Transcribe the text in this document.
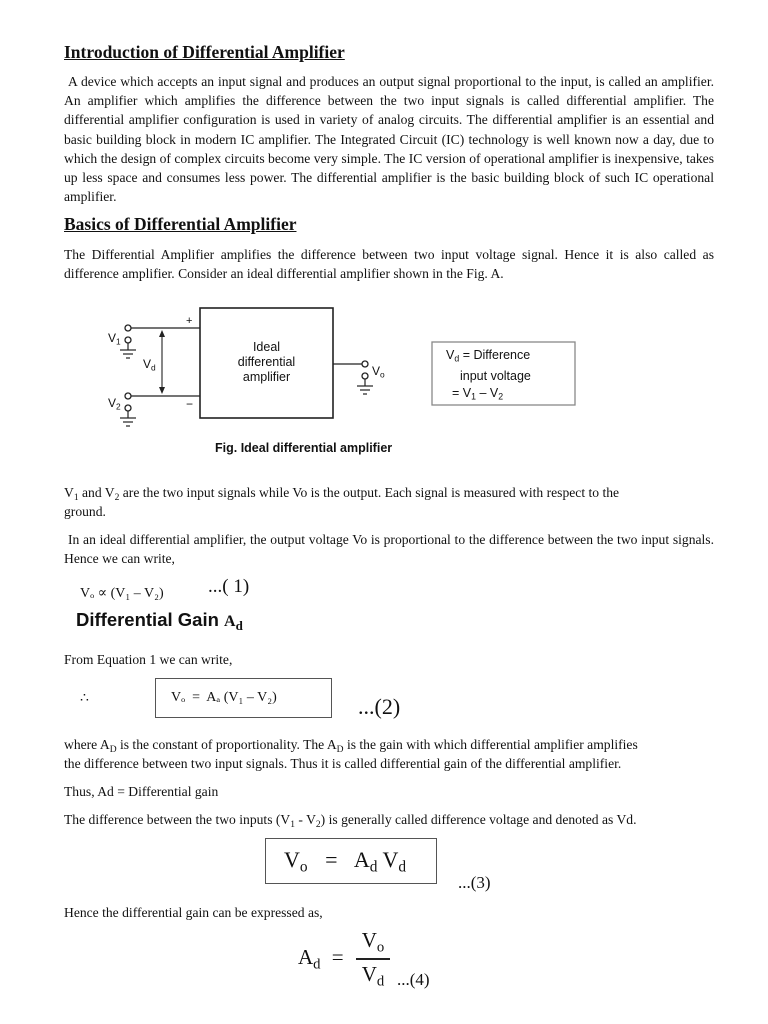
Introduction of Differential Amplifier
A device which accepts an input signal and produces an output signal proportional to the input, is called an amplifier. An amplifier which amplifies the difference between the two input signals is called differential amplifier. The differential amplifier configuration is used in variety of analog circuits. The differential amplifier is an essential and basic building block in modern IC amplifier. The Integrated Circuit (IC) technology is well known now a day, due to which the design of complex circuits become very simple. The IC version of operational amplifier is inexpensive, takes up less space and consumes less power. The differential amplifier is the basic building block of such IC operational amplifier.
Basics of Differential Amplifier
The Differential Amplifier amplifies the difference between two input voltage signal. Hence it is also called as difference amplifier. Consider an ideal differential amplifier shown in the Fig. A.
Ideal
differential
amplifier
+
−
$V_1$
$V_2$
$V_d$	$V_o$
$V_d$ = Difference
input voltage
= $V_1 - V_2$
Fig. Ideal differential amplifier
$V_1$ and $V_2$ are the two input signals while Vo is the output. Each signal is measured with respect to the
ground.
In an ideal differential amplifier, the output voltage Vo is proportional to the difference between the two input signals. Hence we can write,
Vₒ ∝ (V₁ – V₂) ...( 1)
Differential Gain $A_d$
From Equation 1 we can write,
∴	Vₒ  =  Aₐ (V₁ – V₂)	...(2)
where $A_D$ is the constant of proportionality. The $A_D$ is the gain with which differential amplifier amplifies
the difference between two input signals. Thus it is called differential gain of the differential amplifier.
Thus, Ad = Differential gain
The difference between the two inputs $(V_1 - V_2)$ is generally called difference voltage and denoted as Vd.
$V_o = A_d$ $V_d$
...(3)
Hence the differential gain can be expressed as,
$A_d$ =
$V_o$
$V_d$ ...(4)
